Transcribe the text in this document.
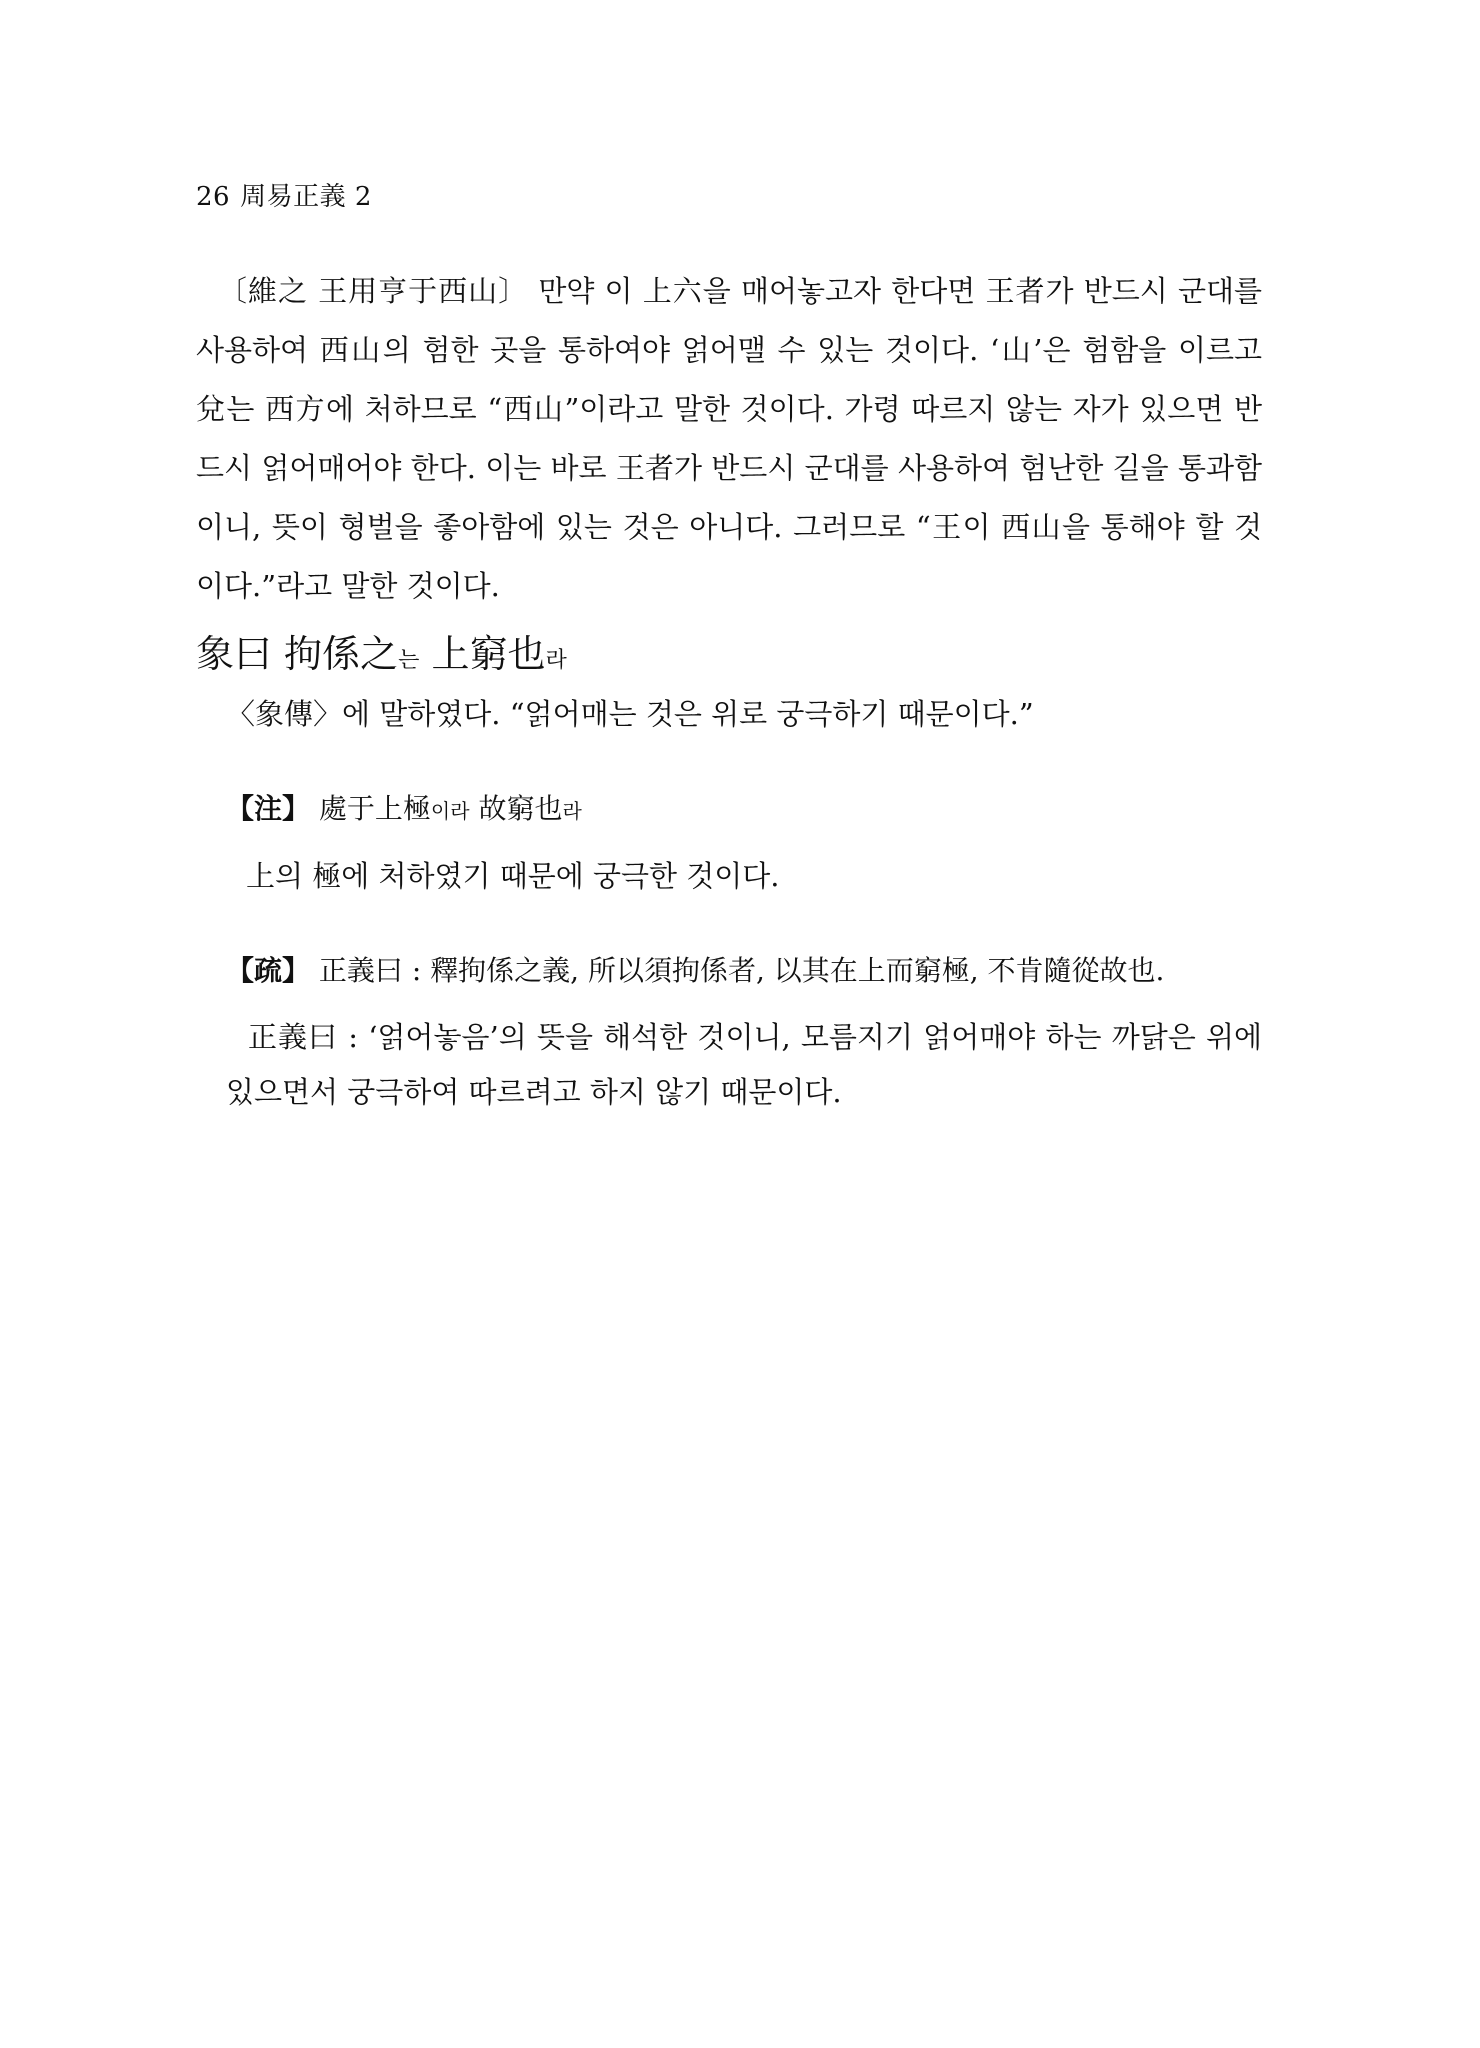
26 周易正義 2

〔維之 王用亨于西山〕 만약 이 上六을 매어놓고자 한다면 王者가 반드시 군대를 사용하여 西山의 험한 곳을 통하여야 얽어맬 수 있는 것이다. ‘山’은 험함을 이르고 兌는 西方에 처하므로 “西山”이라고 말한 것이다. 가령 따르지 않는 자가 있으면 반드시 얽어매어야 한다. 이는 바로 王者가 반드시 군대를 사용하여 험난한 길을 통과함이니, 뜻이 형벌을 좋아함에 있는 것은 아니다. 그러므로 “王이 西山을 통해야 할 것이다.”라고 말한 것이다.

象曰 拘係之는 上窮也라
〈象傳〉에 말하였다. “얽어매는 것은 위로 궁극하기 때문이다.”
【注】 處于上極이라 故窮也라
上의 極에 처하였기 때문에 궁극한 것이다.
【疏】 正義曰 : 釋拘係之義, 所以須拘係者, 以其在上而窮極, 不肯隨從故也.

正義曰 : ‘얽어놓음’의 뜻을 해석한 것이니, 모름지기 얽어매야 하는 까닭은 위에 있으면서 궁극하여 따르려고 하지 않기 때문이다.
